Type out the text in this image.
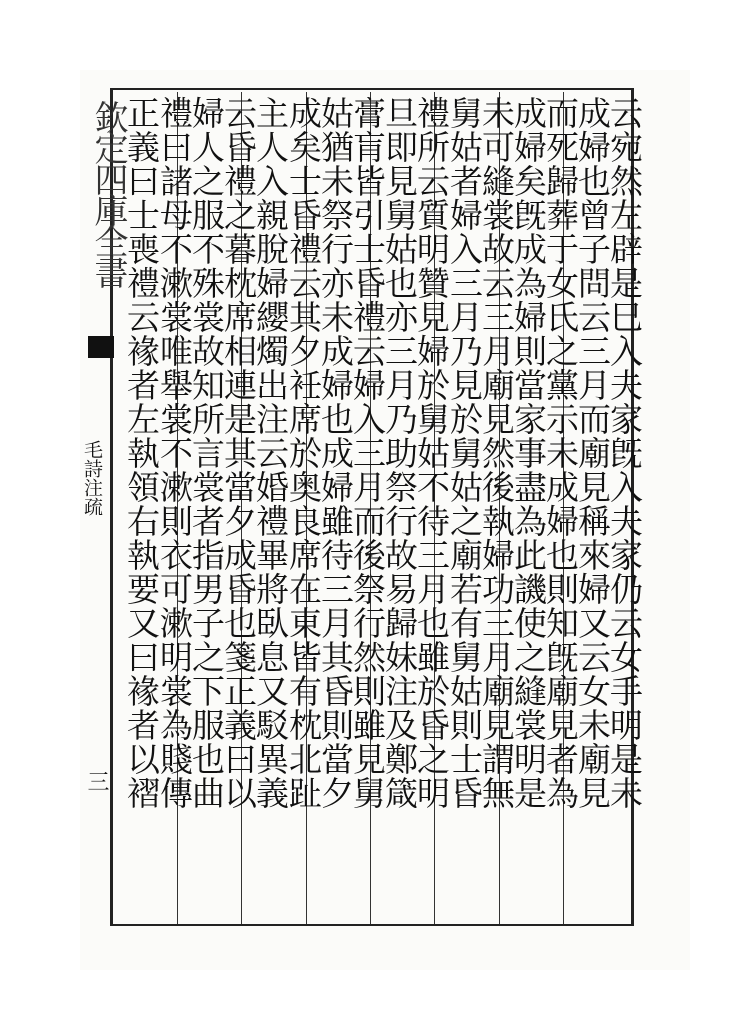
欽定四庫全書
毛詩注疏
三	云宛然左辟是巳入夫家旣入夫家仍云女手明是未
成婦也曾子問云三月而廟見稱來婦又云女未廟見
而死歸葬于女氏之黨示未成婦也則知旣廟見者為
成婦矣旣成為婦則當家事盡為此譏使之縫裳明是
未可縫裳故云三月廟見然後執婦功三月廟見謂無
舅姑者婦入三月乃見於舅姑之廟若有舅姑則士昏
禮所云質明贊見婦於舅姑不待三月也雖於昏之明
旦即見舅姑也亦三月乃助祭行故易歸妹注及鄭箴
膏肓皆引士昏禮云婦入三月而後祭行然則雖見舅
姑猶未祭行亦未成婦也成婦雖待三月其昏則當夕
成矣士昏禮云其夕衽席於奥良席在東皆有枕北趾
主人入親脫婦纓燭出注云婚禮畢將臥息又駁異義
云昏禮之暮枕席相連是其當夕成昏也箋正義曰以
婦人之服不殊裳故知所言裳者指男子之下服也曲
禮曰諸母不漱裳唯舉裳不漱則衣可漱明裳為賤傳
正義曰士喪禮云褖者左執領右執要又曰褖者以褶
